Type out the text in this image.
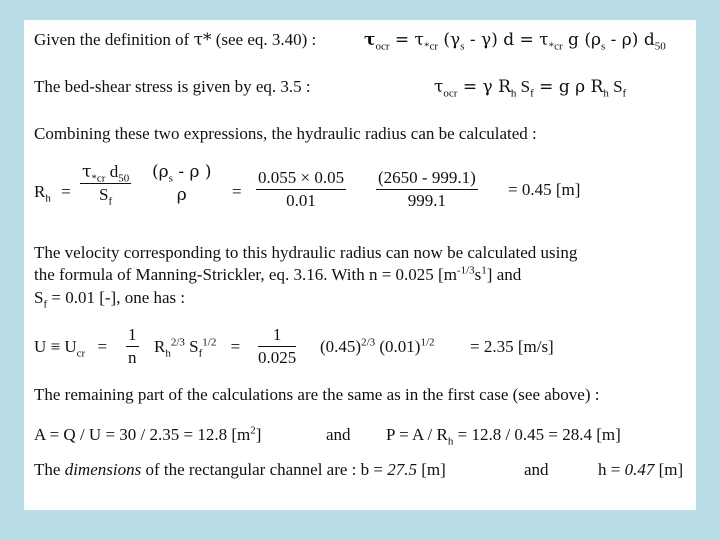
Given the definition of τ* (see eq. 3.40) :	$\tau_{ocr} = \tau_{*cr}$ $(\gamma_s - \gamma) d = \tau_{*cr}$ g $(\rho_s - \rho)$ $d_{50}$
The bed-shear stress is given by eq. 3.5 :	$\tau_{ocr} = \gamma$ $R_h$ $S_f = g$ ρ $R_h$ $S_f$
Combining these two expressions, the hydraulic radius can be calculated :
$R_h$ =
$\tau_{*cr}$ $d_{50}$
$S_f$
($\rho_s$ - ρ )
ρ	=
0.055 × 0.05
0.01
(2650 - 999.1)
999.1
= 0.45 [m]
The velocity corresponding to this hydraulic radius can now be calculated using
the formula of Manning-Strickler, eq. 3.16. With n = 0.025 $[m^{-1/3}s^1]$ and
$S_f = 0.01$ [-], one has :
$U \equiv U_{cr}$ =
1
n
$R_h^{2/3}$ $S_f^{1/2}$ =
1
0.025
$(0.45)^{2/3}$ $(0.01)^{1/2} = 2.35$ [m/s]
The remaining part of the calculations are the same as in the first case (see above) :
A = Q / U = 30 / 2.35 = 12.8 $[m^2]$	and $P = A / R_h = 12.8 / 0.45 = 28.4$ [m]
The dimensions of the rectangular channel are : b = 27.5 [m]	and	h = 0.47 [m]
